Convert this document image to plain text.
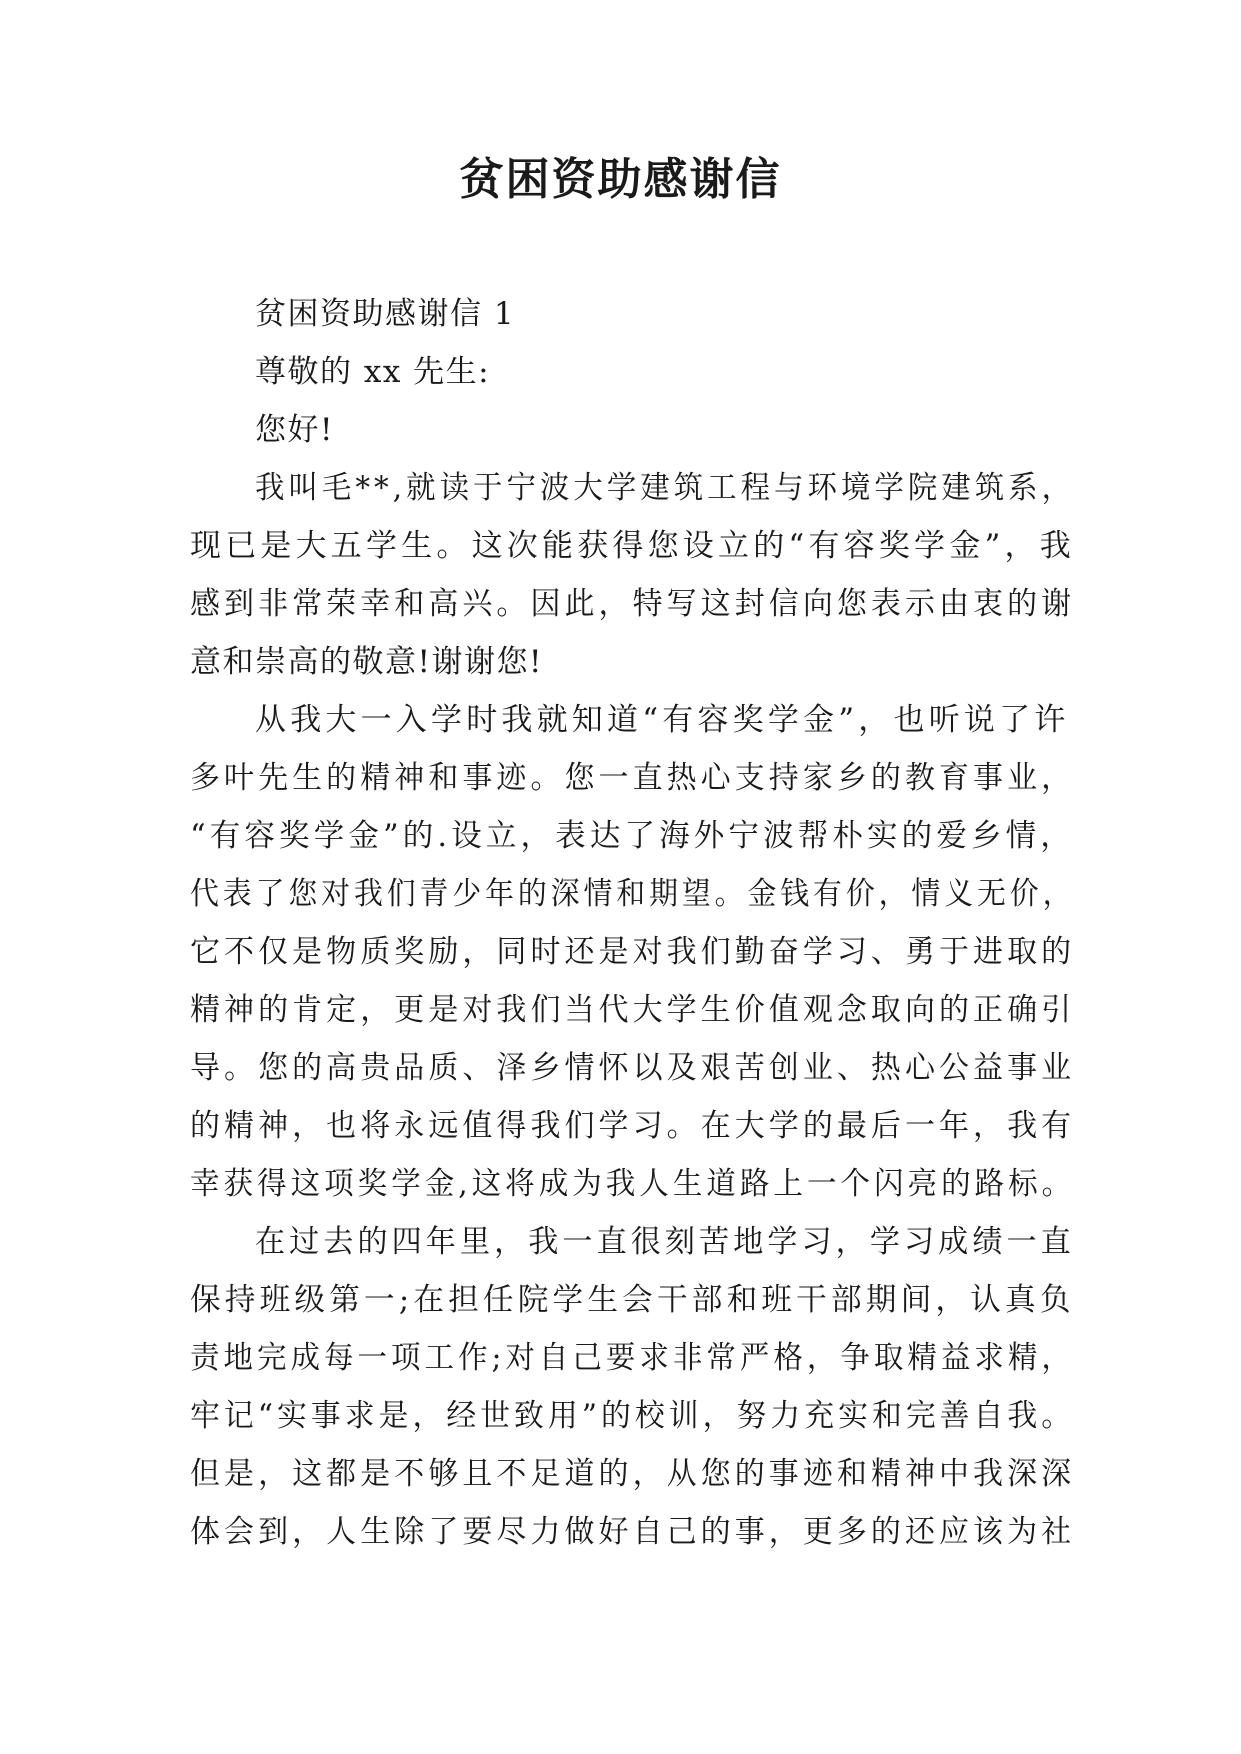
贫困资助感谢信
贫困资助感谢信 1
尊敬的 xx 先生:
您好!
我叫毛**,就读于宁波大学建筑工程与环境学院建筑系，
现已是大五学生。这次能获得您设立的“有容奖学金”，我
感到非常荣幸和高兴。因此，特写这封信向您表示由衷的谢
意和崇高的敬意!谢谢您!
从我大一入学时我就知道“有容奖学金”，也听说了许
多叶先生的精神和事迹。您一直热心支持家乡的教育事业，
“有容奖学金”的.设立，表达了海外宁波帮朴实的爱乡情，
代表了您对我们青少年的深情和期望。金钱有价，情义无价，
它不仅是物质奖励，同时还是对我们勤奋学习、勇于进取的
精神的肯定，更是对我们当代大学生价值观念取向的正确引
导。您的高贵品质、泽乡情怀以及艰苦创业、热心公益事业
的精神，也将永远值得我们学习。在大学的最后一年，我有
幸获得这项奖学金,这将成为我人生道路上一个闪亮的路标。
在过去的四年里，我一直很刻苦地学习，学习成绩一直
保持班级第一;在担任院学生会干部和班干部期间，认真负
责地完成每一项工作;对自己要求非常严格，争取精益求精，
牢记“实事求是，经世致用”的校训，努力充实和完善自我。
但是，这都是不够且不足道的，从您的事迹和精神中我深深
体会到，人生除了要尽力做好自己的事，更多的还应该为社
